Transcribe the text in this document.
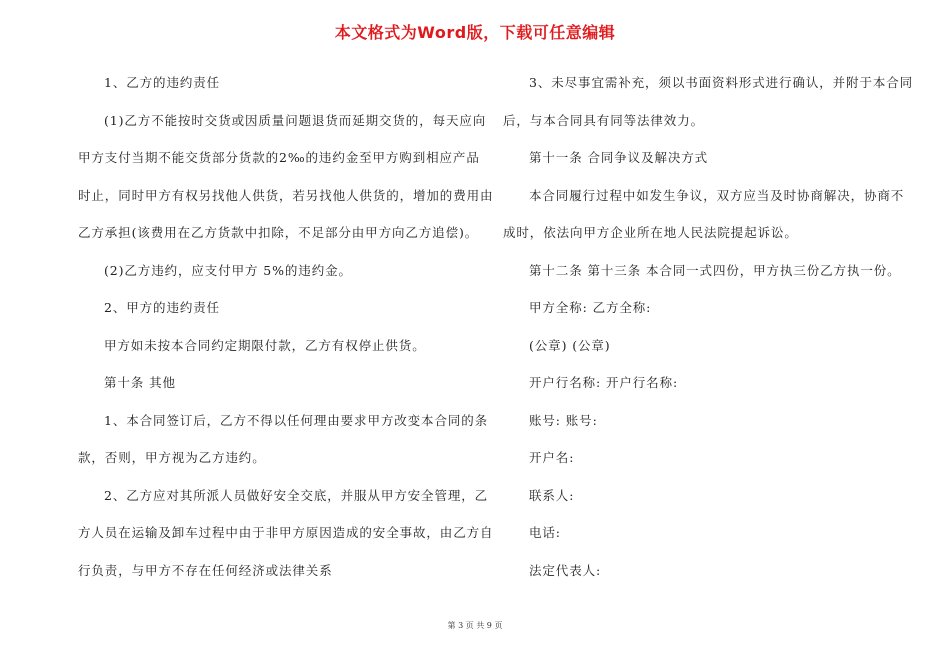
本文格式为Word版，下载可任意编辑

1、乙方的违约责任

(1)乙方不能按时交货或因质量问题退货而延期交货的，每天应向

甲方支付当期不能交货部分货款的2‰的违约金至甲方购到相应产品

时止，同时甲方有权另找他人供货，若另找他人供货的，增加的费用由

乙方承担(该费用在乙方货款中扣除，不足部分由甲方向乙方追偿)。

(2)乙方违约，应支付甲方 5%的违约金。

2、甲方的违约责任

甲方如未按本合同约定期限付款，乙方有权停止供货。

第十条 其他

1、本合同签订后，乙方不得以任何理由要求甲方改变本合同的条

款，否则，甲方视为乙方违约。

2、乙方应对其所派人员做好安全交底，并服从甲方安全管理，乙

方人员在运输及卸车过程中由于非甲方原因造成的安全事故，由乙方自

行负责，与甲方不存在任何经济或法律关系

3、未尽事宜需补充，须以书面资料形式进行确认，并附于本合同

后，与本合同具有同等法律效力。

第十一条 合同争议及解决方式

本合同履行过程中如发生争议，双方应当及时协商解决，协商不

成时，依法向甲方企业所在地人民法院提起诉讼。

第十二条 第十三条 本合同一式四份，甲方执三份乙方执一份。

甲方全称: 乙方全称:

(公章) (公章)

开户行名称: 开户行名称:

账号: 账号:

开户名:

联系人:

电话:

法定代表人:

第 3 页 共 9 页
